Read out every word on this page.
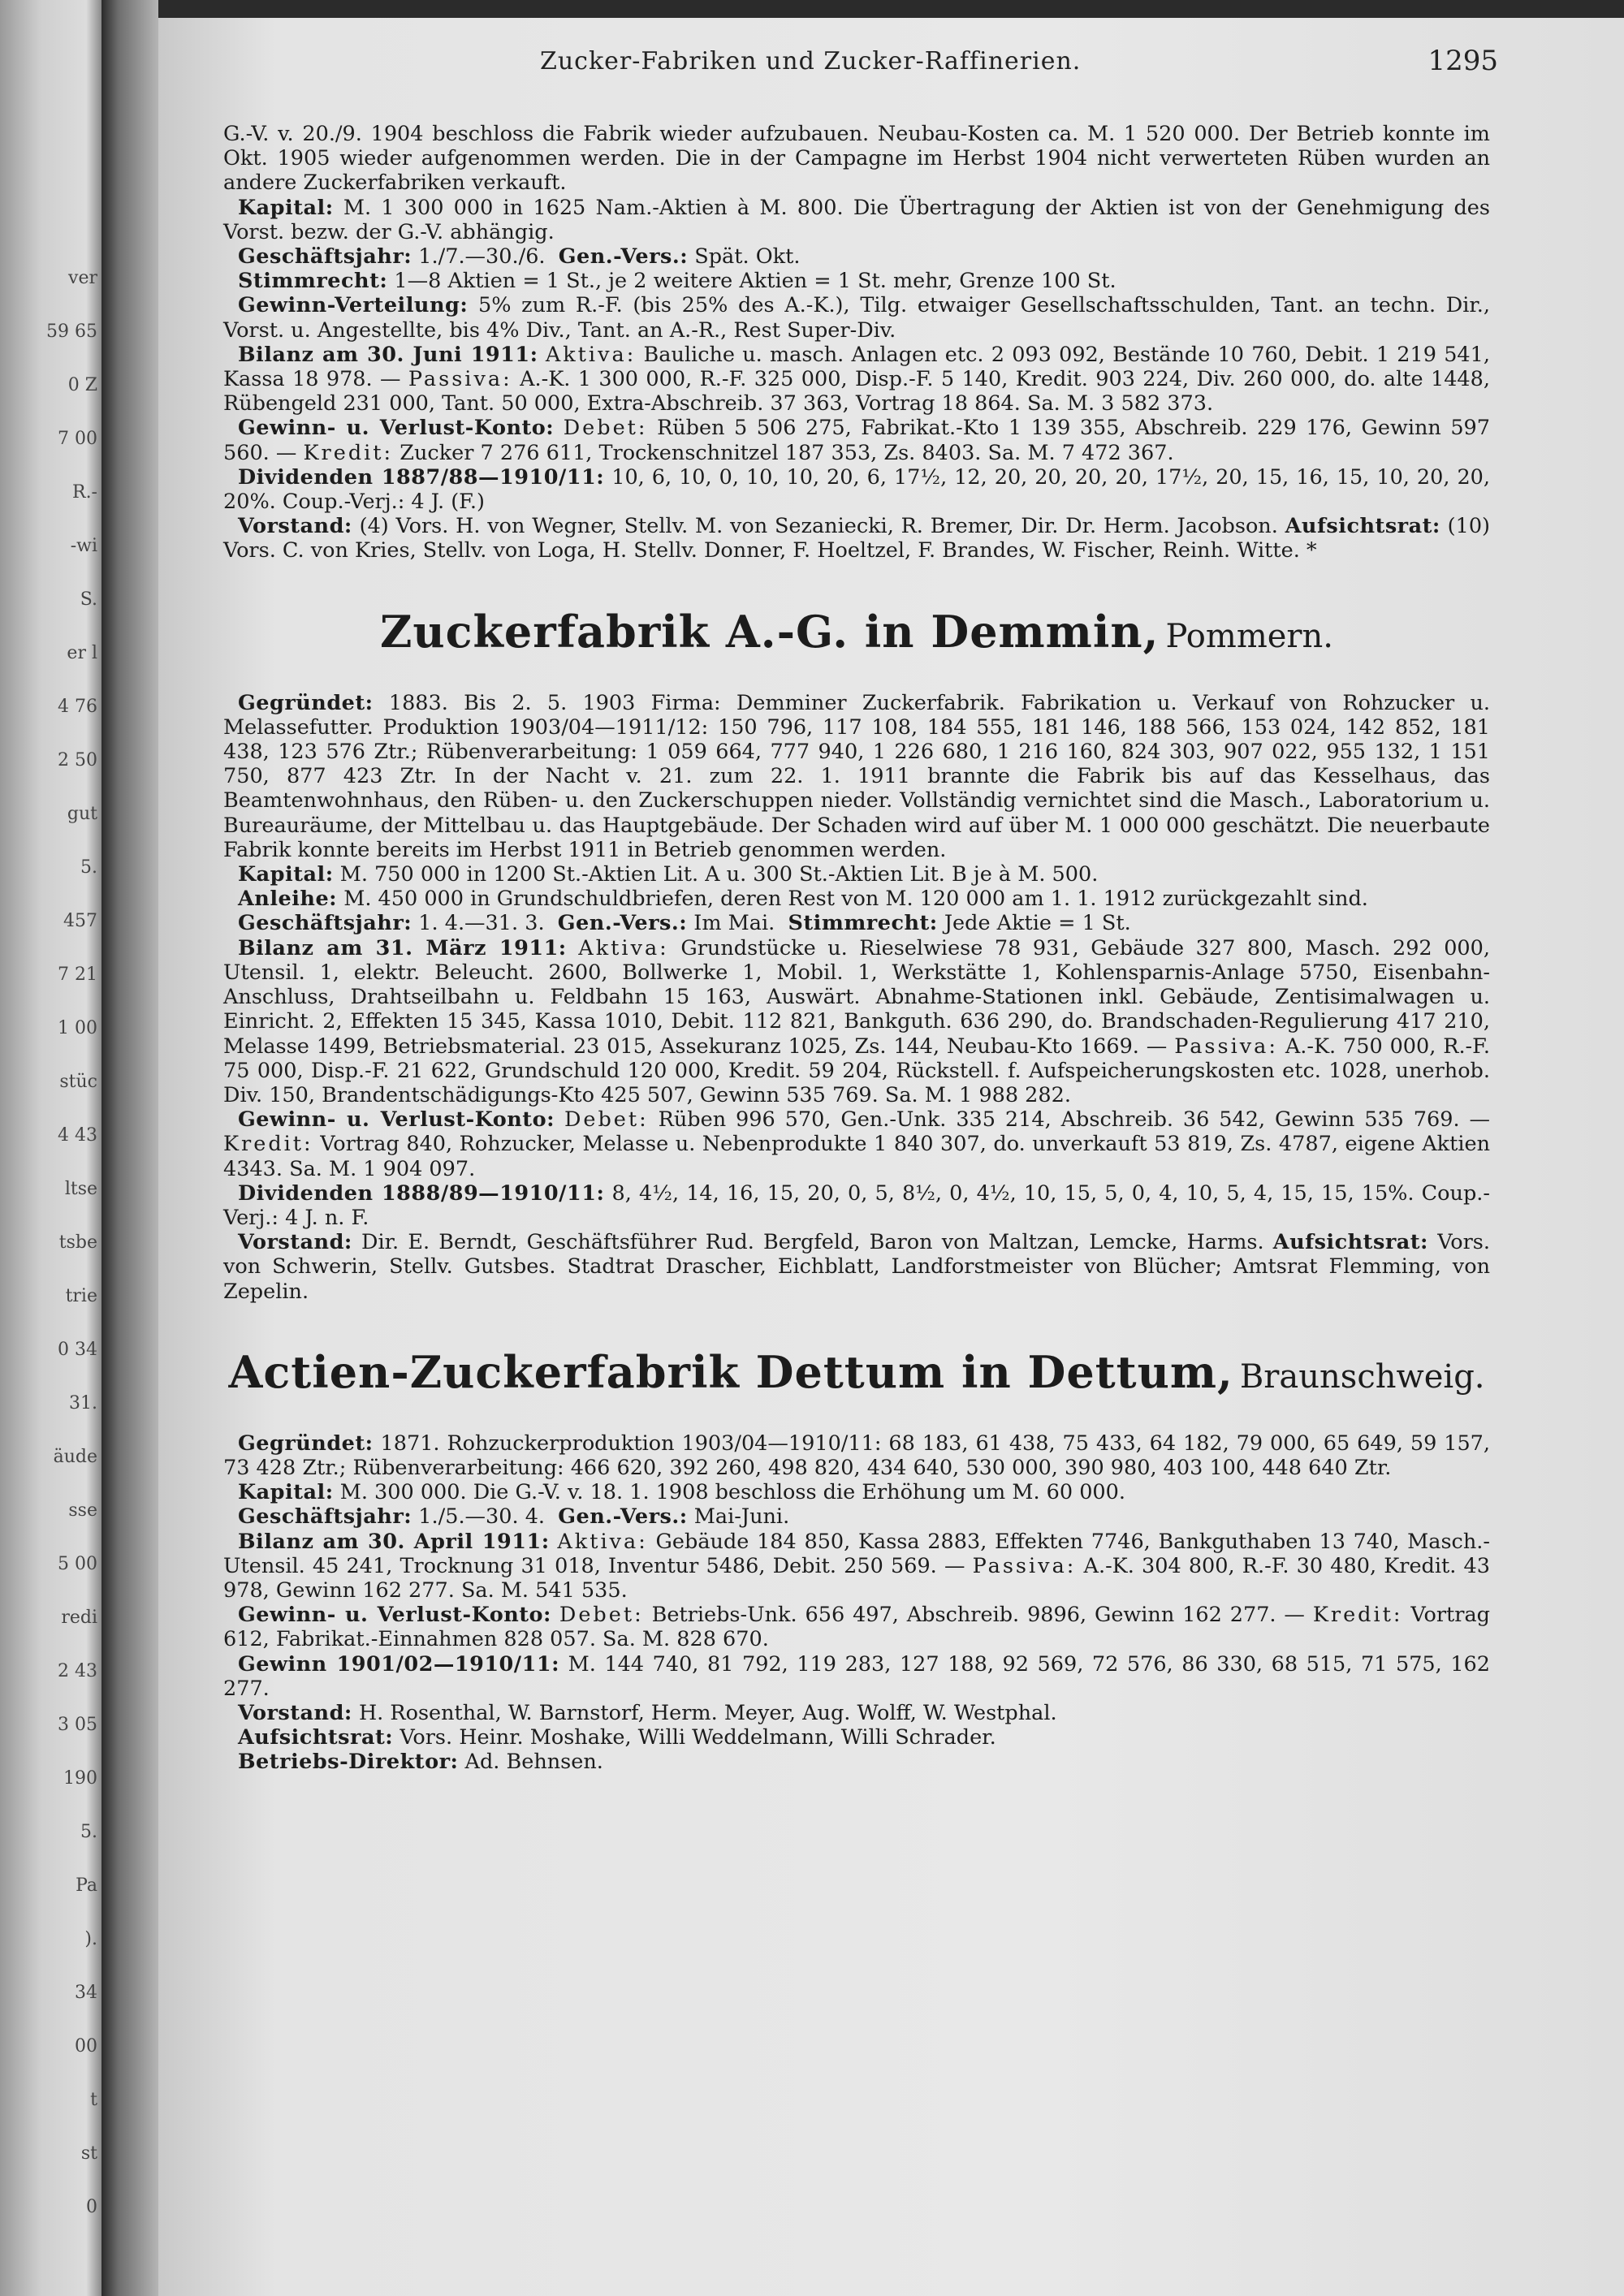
ver
59 65
0 Z
7 00
R.-
-wi
S.
er l
4 76
2 50
gut
5.
457
7 21
1 00
stüc
4 43
ltse
tsbe
trie
0 34
31.
äude
sse
5 00
redi
2 43
3 05
190
5.
Pa
).
34
00
t
st
0
Zucker-Fabriken und Zucker-Raffinerien.	1295

G.-V. v. 20./9. 1904 beschloss die Fabrik wieder aufzubauen. Neubau-Kosten ca. M. 1 520 000. Der Betrieb konnte im Okt. 1905 wieder aufgenommen werden. Die in der Campagne im Herbst 1904 nicht verwerteten Rüben wurden an andere Zuckerfabriken verkauft.

Kapital: M. 1 300 000 in 1625 Nam.-Aktien à M. 800. Die Übertragung der Aktien ist von der Genehmigung des Vorst. bezw. der G.-V. abhängig.

Geschäftsjahr: 1./7.—30./6. Gen.-Vers.: Spät. Okt.

Stimmrecht: 1—8 Aktien = 1 St., je 2 weitere Aktien = 1 St. mehr, Grenze 100 St.

Gewinn-Verteilung: 5% zum R.-F. (bis 25% des A.-K.), Tilg. etwaiger Gesellschaftsschulden, Tant. an techn. Dir., Vorst. u. Angestellte, bis 4% Div., Tant. an A.-R., Rest Super-Div.

Bilanz am 30. Juni 1911: Aktiva: Bauliche u. masch. Anlagen etc. 2 093 092, Bestände 10 760, Debit. 1 219 541, Kassa 18 978. — Passiva: A.-K. 1 300 000, R.-F. 325 000, Disp.-F. 5 140, Kredit. 903 224, Div. 260 000, do. alte 1448, Rübengeld 231 000, Tant. 50 000, Extra-Abschreib. 37 363, Vortrag 18 864. Sa. M. 3 582 373.

Gewinn- u. Verlust-Konto: Debet: Rüben 5 506 275, Fabrikat.-Kto 1 139 355, Abschreib. 229 176, Gewinn 597 560. — Kredit: Zucker 7 276 611, Trockenschnitzel 187 353, Zs. 8403. Sa. M. 7 472 367.

Dividenden 1887/88—1910/11: 10, 6, 10, 0, 10, 10, 20, 6, 17½, 12, 20, 20, 20, 20, 17½, 20, 15, 16, 15, 10, 20, 20, 20%. Coup.-Verj.: 4 J. (F.)

Vorstand: (4) Vors. H. von Wegner, Stellv. M. von Sezaniecki, R. Bremer, Dir. Dr. Herm. Jacobson. Aufsichtsrat: (10) Vors. C. von Kries, Stellv. von Loga, H. Stellv. Donner, F. Hoeltzel, F. Brandes, W. Fischer, Reinh. Witte. *

Zuckerfabrik A.-G. in Demmin, Pommern.

Gegründet: 1883. Bis 2. 5. 1903 Firma: Demminer Zuckerfabrik. Fabrikation u. Verkauf von Rohzucker u. Melassefutter. Produktion 1903/04—1911/12: 150 796, 117 108, 184 555, 181 146, 188 566, 153 024, 142 852, 181 438, 123 576 Ztr.; Rübenverarbeitung: 1 059 664, 777 940, 1 226 680, 1 216 160, 824 303, 907 022, 955 132, 1 151 750, 877 423 Ztr. In der Nacht v. 21. zum 22. 1. 1911 brannte die Fabrik bis auf das Kesselhaus, das Beamtenwohnhaus, den Rüben- u. den Zuckerschuppen nieder. Vollständig vernichtet sind die Masch., Laboratorium u. Bureauräume, der Mittelbau u. das Hauptgebäude. Der Schaden wird auf über M. 1 000 000 geschätzt. Die neuerbaute Fabrik konnte bereits im Herbst 1911 in Betrieb genommen werden.

Kapital: M. 750 000 in 1200 St.-Aktien Lit. A u. 300 St.-Aktien Lit. B je à M. 500.

Anleihe: M. 450 000 in Grundschuldbriefen, deren Rest von M. 120 000 am 1. 1. 1912 zurückgezahlt sind.

Geschäftsjahr: 1. 4.—31. 3. Gen.-Vers.: Im Mai. Stimmrecht: Jede Aktie = 1 St.

Bilanz am 31. März 1911: Aktiva: Grundstücke u. Rieselwiese 78 931, Gebäude 327 800, Masch. 292 000, Utensil. 1, elektr. Beleucht. 2600, Bollwerke 1, Mobil. 1, Werkstätte 1, Kohlensparnis-Anlage 5750, Eisenbahn-Anschluss, Drahtseilbahn u. Feldbahn 15 163, Auswärt. Abnahme-Stationen inkl. Gebäude, Zentisimalwagen u. Einricht. 2, Effekten 15 345, Kassa 1010, Debit. 112 821, Bankguth. 636 290, do. Brandschaden-Regulierung 417 210, Melasse 1499, Betriebsmaterial. 23 015, Assekuranz 1025, Zs. 144, Neubau-Kto 1669. — Passiva: A.-K. 750 000, R.-F. 75 000, Disp.-F. 21 622, Grundschuld 120 000, Kredit. 59 204, Rückstell. f. Aufspeicherungskosten etc. 1028, unerhob. Div. 150, Brandentschädigungs-Kto 425 507, Gewinn 535 769. Sa. M. 1 988 282.

Gewinn- u. Verlust-Konto: Debet: Rüben 996 570, Gen.-Unk. 335 214, Abschreib. 36 542, Gewinn 535 769. — Kredit: Vortrag 840, Rohzucker, Melasse u. Nebenprodukte 1 840 307, do. unverkauft 53 819, Zs. 4787, eigene Aktien 4343. Sa. M. 1 904 097.

Dividenden 1888/89—1910/11: 8, 4½, 14, 16, 15, 20, 0, 5, 8½, 0, 4½, 10, 15, 5, 0, 4, 10, 5, 4, 15, 15, 15%. Coup.-Verj.: 4 J. n. F.

Vorstand: Dir. E. Berndt, Geschäftsführer Rud. Bergfeld, Baron von Maltzan, Lemcke, Harms. Aufsichtsrat: Vors. von Schwerin, Stellv. Gutsbes. Stadtrat Drascher, Eichblatt, Landforstmeister von Blücher; Amtsrat Flemming, von Zepelin.

Actien-Zuckerfabrik Dettum in Dettum, Braunschweig.

Gegründet: 1871. Rohzuckerproduktion 1903/04—1910/11: 68 183, 61 438, 75 433, 64 182, 79 000, 65 649, 59 157, 73 428 Ztr.; Rübenverarbeitung: 466 620, 392 260, 498 820, 434 640, 530 000, 390 980, 403 100, 448 640 Ztr.

Kapital: M. 300 000. Die G.-V. v. 18. 1. 1908 beschloss die Erhöhung um M. 60 000.

Geschäftsjahr: 1./5.—30. 4. Gen.-Vers.: Mai-Juni.

Bilanz am 30. April 1911: Aktiva: Gebäude 184 850, Kassa 2883, Effekten 7746, Bankguthaben 13 740, Masch.-Utensil. 45 241, Trocknung 31 018, Inventur 5486, Debit. 250 569. — Passiva: A.-K. 304 800, R.-F. 30 480, Kredit. 43 978, Gewinn 162 277. Sa. M. 541 535.

Gewinn- u. Verlust-Konto: Debet: Betriebs-Unk. 656 497, Abschreib. 9896, Gewinn 162 277. — Kredit: Vortrag 612, Fabrikat.-Einnahmen 828 057. Sa. M. 828 670.

Gewinn 1901/02—1910/11: M. 144 740, 81 792, 119 283, 127 188, 92 569, 72 576, 86 330, 68 515, 71 575, 162 277.

Vorstand: H. Rosenthal, W. Barnstorf, Herm. Meyer, Aug. Wolff, W. Westphal.

Aufsichtsrat: Vors. Heinr. Moshake, Willi Weddelmann, Willi Schrader.

Betriebs-Direktor: Ad. Behnsen.
